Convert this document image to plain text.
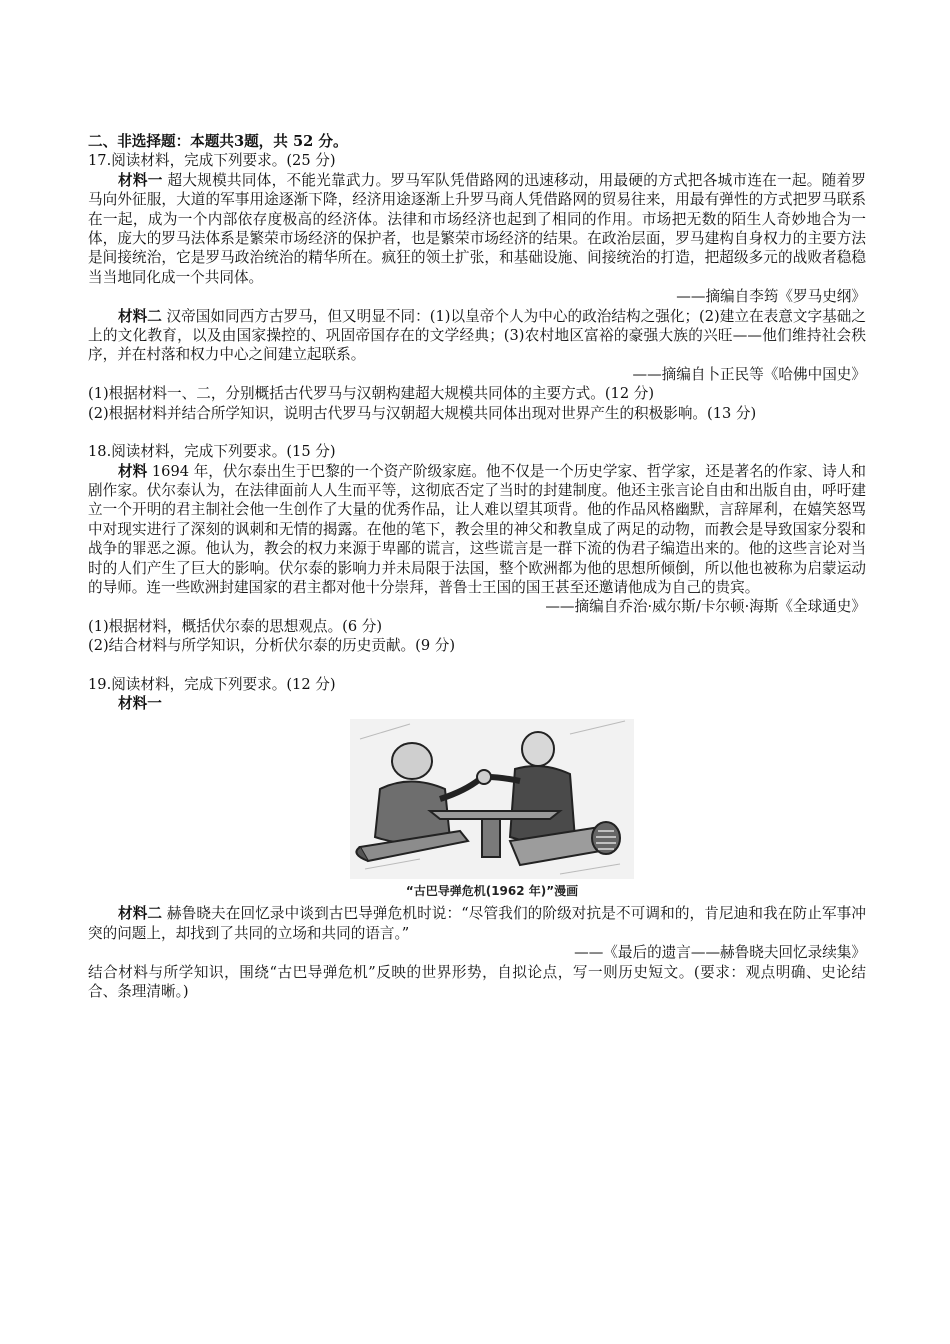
二、非选择题：本题共3题，共 52 分。

17.阅读材料，完成下列要求。(25 分)

材料一 超大规模共同体，不能光靠武力。罗马军队凭借路网的迅速移动，用最硬的方式把各城市连在一起。随着罗马向外征服，大道的军事用途逐渐下降，经济用途逐渐上升罗马商人凭借路网的贸易往来，用最有弹性的方式把罗马联系在一起，成为一个内部依存度极高的经济体。法律和市场经济也起到了相同的作用。市场把无数的陌生人奇妙地合为一体，庞大的罗马法体系是繁荣市场经济的保护者，也是繁荣市场经济的结果。在政治层面，罗马建构自身权力的主要方法是间接统治，它是罗马政治统治的精华所在。疯狂的领土扩张，和基础设施、间接统治的打造，把超级多元的战败者稳稳当当地同化成一个共同体。

——摘编自李筠《罗马史纲》

材料二 汉帝国如同西方古罗马，但又明显不同：(1)以皇帝个人为中心的政治结构之强化；(2)建立在表意文字基础之上的文化教育，以及由国家操控的、巩固帝国存在的文学经典；(3)农村地区富裕的豪强大族的兴旺——他们维持社会秩序，并在村落和权力中心之间建立起联系。

——摘编自卜正民等《哈佛中国史》

(1)根据材料一、二，分别概括古代罗马与汉朝构建超大规模共同体的主要方式。(12 分)

(2)根据材料并结合所学知识，说明古代罗马与汉朝超大规模共同体出现对世界产生的积极影响。(13 分)

18.阅读材料，完成下列要求。(15 分)

材料 1694 年，伏尔泰出生于巴黎的一个资产阶级家庭。他不仅是一个历史学家、哲学家，还是著名的作家、诗人和剧作家。伏尔泰认为，在法律面前人人生而平等，这彻底否定了当时的封建制度。他还主张言论自由和出版自由，呼吁建立一个开明的君主制社会他一生创作了大量的优秀作品，让人难以望其项背。他的作品风格幽默，言辞犀利，在嬉笑怒骂中对现实进行了深刻的讽刺和无情的揭露。在他的笔下，教会里的神父和教皇成了两足的动物，而教会是导致国家分裂和战争的罪恶之源。他认为，教会的权力来源于卑鄙的谎言，这些谎言是一群下流的伪君子编造出来的。他的这些言论对当时的人们产生了巨大的影响。伏尔泰的影响力并未局限于法国，整个欧洲都为他的思想所倾倒，所以他也被称为启蒙运动的导师。连一些欧洲封建国家的君主都对他十分崇拜，普鲁士王国的国王甚至还邀请他成为自己的贵宾。

——摘编自乔治·威尔斯/卡尔顿·海斯《全球通史》

(1)根据材料，概括伏尔泰的思想观点。(6 分)

(2)结合材料与所学知识，分析伏尔泰的历史贡献。(9 分)

19.阅读材料，完成下列要求。(12 分)

材料一

“古巴导弹危机(1962 年)”漫画

材料二 赫鲁晓夫在回忆录中谈到古巴导弹危机时说：“尽管我们的阶级对抗是不可调和的，肯尼迪和我在防止军事冲突的问题上，却找到了共同的立场和共同的语言。”

——《最后的遗言——赫鲁晓夫回忆录续集》

结合材料与所学知识，围绕“古巴导弹危机”反映的世界形势，自拟论点，写一则历史短文。(要求：观点明确、史论结合、条理清晰。)
